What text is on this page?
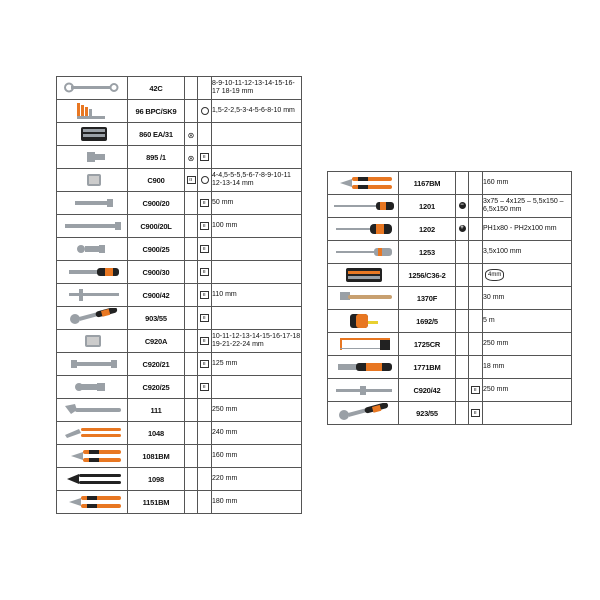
	42C			8-9-10-11-12-13-14-15-16-17 18-19 mm

	96 BPC/SK9			1,5-2-2,5-3-4-5-6-8-10 mm

	860 EA/31	⊛		

	895 /1	⊛	⌷	

	C900	⌷		4-4,5-5-5,5-6-7-8-9-10-11 12-13-14 mm

	C900/20		⌷	50 mm

	C900/20L		⌷	100 mm

	C900/25		⌷	

	C900/30		⌷	

	C900/42		⌷	110 mm

	903/55		⌷	

	C920A		⌷	10-11-12-13-14-15-16-17-18 19-21-22-24 mm

	C920/21		⌷	125 mm

	C920/25		⌷	

	111			250 mm

	1048			240 mm

	1081BM			160 mm

	1098			220 mm

	1151BM			180 mm
	1167BM			160 mm

	1201	−		3x75 – 4x125 – 5,5x150 – 6,5x150 mm

	1202	+		PH1x80 - PH2x100 mm

	1253			3,5x100 mm

	1256/C36-2			4mm

	1370F			30 mm

	1692/5			5 m

	1725CR			250 mm

	1771BM			18 mm

	C920/42		⌷	250 mm

	923/55		⌷	
